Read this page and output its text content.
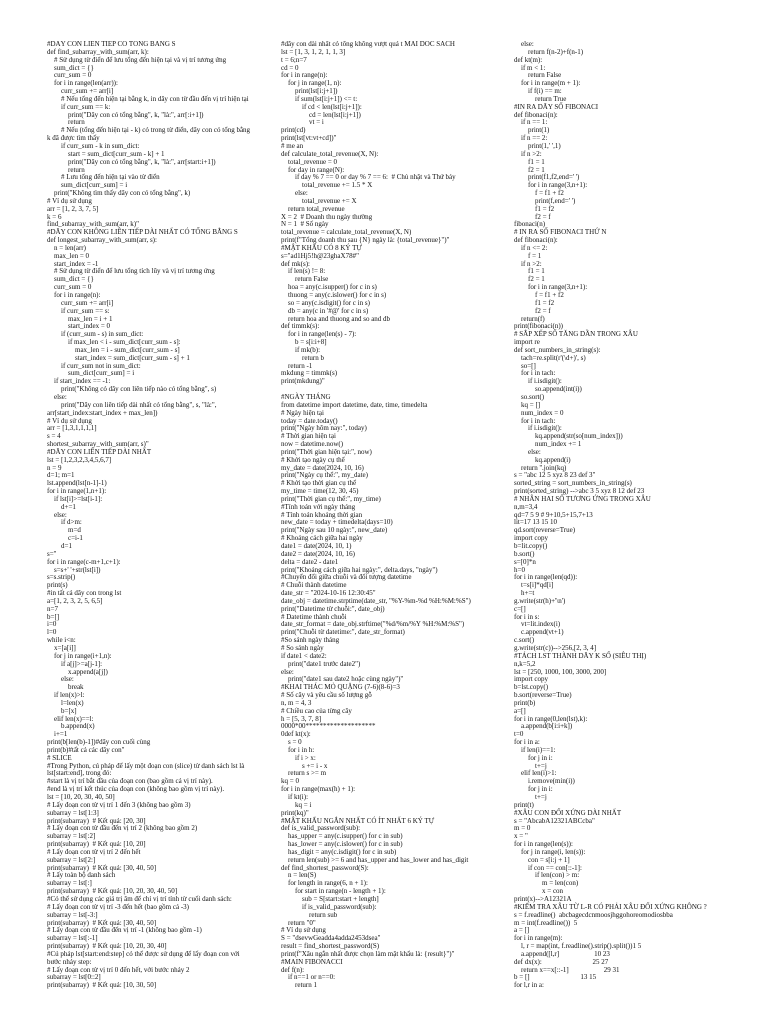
#DÃY CON LIÊN TIẾP CÓ TỔNG BẰNG S
def find_subarray_with_sum(arr, k):
# Sử dụng từ điển để lưu tổng đến hiện tại và vị trí tương ứng
sum_dict = {}
curr_sum = 0
for i in range(len(arr)):
curr_sum += arr[i]
# Nếu tổng đến hiện tại bằng k, in dãy con từ đầu đến vị trí hiện tại
if curr_sum == k:
print("Dãy con có tổng bằng", k, "là:", arr[:i+1])
return
# Nếu (tổng đến hiện tại - k) có trong từ điển, dãy con có tổng bằng
k đã được tìm thấy
if curr_sum - k in sum_dict:
start = sum_dict[curr_sum - k] + 1
print("Dãy con có tổng bằng", k, "là:", arr[start:i+1])
return
# Lưu tổng đến hiện tại vào từ điển
sum_dict[curr_sum] = i
print("Không tìm thấy dãy con có tổng bằng", k)
# Ví dụ sử dụng
arr = [1, 2, 3, 7, 5]
k = 6
find_subarray_with_sum(arr, k)"
#DÃY CON KHÔNG LIÊN TIẾP DÀI NHẤT CÓ TỔNG BẰNG S
def longest_subarray_with_sum(arr, s):
n = len(arr)
max_len = 0
start_index = -1
# Sử dụng từ điển để lưu tổng tích lũy và vị trí tương ứng
sum_dict = {}
curr_sum = 0
for i in range(n):
curr_sum += arr[i]
if curr_sum == s:
max_len = i + 1
start_index = 0
if (curr_sum - s) in sum_dict:
if max_len < i - sum_dict[curr_sum - s]:
max_len = i - sum_dict[curr_sum - s]
start_index = sum_dict[curr_sum - s] + 1
if curr_sum not in sum_dict:
sum_dict[curr_sum] = i
if start_index == -1:
print("Không có dãy con liên tiếp nào có tổng bằng", s)
else:
print("Dãy con liên tiếp dài nhất có tổng bằng", s, "là:",
arr[start_index:start_index + max_len])
# Ví dụ sử dụng
arr = [1,3,1,1,1,1]
s = 4
shortest_subarray_with_sum(arr, s)"
#DÃY CON LIÊN TIẾP DÀI NHẤT
lst = [1,2,3,2,3,4,5,6,7]
n = 9
d=1; m=1
lst.append(lst[n-1]-1)
for i in range(1,n+1):
if lst[i]>=lst[i-1]:
d+=1
else:
if d>m:
m=d
c=i-1
d=1
s=''
for i in range(c-m+1,c+1):
s=s+' '+str(lst[i])
s=s.strip()
print(s)
#in tất cả dãy con trong lst
a=[1, 2, 3, 2, 5, 6,5]
n=7
b=[]
i=0
l=0
while i<n:
x=[a[i]]
for j in range(i+1,n):
if a[j]>=a[j-1]:
x.append(a[j])
else:
break
if len(x)>l:
l=len(x)
b=[x]
elif len(x)==l:
b.append(x)
i+=1
print(b[len(b)-1])#dãy con cuối cùng
print(b)#tất cả các dãy con"
# SLICE
#Trong Python, cú pháp để lấy một đoạn con (slice) từ danh sách lst là
lst[start:end], trong đó:
#start là vị trí bắt đầu của đoạn con (bao gồm cả vị trí này).
#end là vị trí kết thúc của đoạn con (không bao gồm vị trí này).
lst = [10, 20, 30, 40, 50]
# Lấy đoạn con từ vị trí 1 đến 3 (không bao gồm 3)
subarray = lst[1:3]
print(subarray)  # Kết quả: [20, 30]
# Lấy đoạn con từ đầu đến vị trí 2 (không bao gồm 2)
subarray = lst[:2]
print(subarray)  # Kết quả: [10, 20]
# Lấy đoạn con từ vị trí 2 đến hết
subarray = lst[2:]
print(subarray)  # Kết quả: [30, 40, 50]
# Lấy toàn bộ danh sách
subarray = lst[:]
print(subarray)  # Kết quả: [10, 20, 30, 40, 50]
#Có thể sử dụng các giá trị âm để chỉ vị trí tính từ cuối danh sách:
# Lấy đoạn con từ vị trí -3 đến hết (bao gồm cả -3)
subarray = lst[-3:]
print(subarray)  # Kết quả: [30, 40, 50]
# Lấy đoạn con từ đầu đến vị trí -1 (không bao gồm -1)
subarray = lst[:-1]
print(subarray)  # Kết quả: [10, 20, 30, 40]
#Cú pháp lst[start:end:step] có thể được sử dụng để lấy đoạn con với
bước nhảy step:
# Lấy đoạn con từ vị trí 0 đến hết, với bước nhảy 2
subarray = lst[0::2]
print(subarray)  # Kết quả: [10, 30, 50]
#dãy con dài nhất có tổng không vượt quá t MAI DOC SÁCH
lst = [1, 3, 1, 2, 1, 1, 3]
t = 6;n=7
cd = 0
for i in range(n):
for j in range(1, n):
print(lst[i:j+1])
if sum(lst[i:j+1]) <= t:
if cd < len(lst[i:j+1]):
cd = len(lst[i:j+1])
vt = i
print(cd)
print(lst[vt:vt+cd])"
# me an
def calculate_total_revenue(X, N):
total_revenue = 0
for day in range(N):
if day % 7 == 0 or day % 7 == 6:  # Chủ nhật và Thứ bảy
total_revenue += 1.5 * X
else:
total_revenue += X
return total_revenue
X = 2  # Doanh thu ngày thường
N = 1  # Số ngày
total_revenue = calculate_total_revenue(X, N)
print(f"Tổng doanh thu sau {N} ngày là: {total_revenue}")"
#MẬT KHẨU CÓ 8 KÝ TỰ
s="ad1Hj5!h@23ghaX78#"
def mk(s):
if len(s) != 8:
return False
hoa = any(c.isupper() for c in s)
thuong = any(c.islower() for c in s)
so = any(c.isdigit() for c in s)
db = any(c in '#@' for c in s)
return hoa and thuong and so and db
def timmk(s):
for i in range(len(s) - 7):
b = s[i:i+8]
if mk(b):
return b
return -1
mkdung = timmk(s)
print(mkdung)"
#NGÀY THÁNG
from datetime import datetime, date, time, timedelta
# Ngày hiện tại
today = date.today()
print("Ngày hôm nay:", today)
# Thời gian hiện tại
now = datetime.now()
print("Thời gian hiện tại:", now)
# Khởi tạo ngày cụ thể
my_date = date(2024, 10, 16)
print("Ngày cụ thể:", my_date)
# Khởi tạo thời gian cụ thể
my_time = time(12, 30, 45)
print("Thời gian cụ thể:", my_time)
#Tính toán với ngày tháng
# Tính toán khoảng thời gian
new_date = today + timedelta(days=10)
print("Ngày sau 10 ngày:", new_date)
# Khoảng cách giữa hai ngày
date1 = date(2024, 10, 1)
date2 = date(2024, 10, 16)
delta = date2 - date1
print("Khoảng cách giữa hai ngày:", delta.days, "ngày")
#Chuyển đổi giữa chuỗi và đối tượng datetime
# Chuỗi thành datetime
date_str = "2024-10-16 12:30:45"
date_obj = datetime.strptime(date_str, "%Y-%m-%d %H:%M:%S")
print("Datetime từ chuỗi:", date_obj)
# Datetime thành chuỗi
date_str_format = date_obj.strftime("%d/%m/%Y %H:%M:%S")
print("Chuỗi từ datetime:", date_str_format)
#So sánh ngày tháng
# So sánh ngày
if date1 < date2:
print("date1 trước date2")
else:
print("date1 sau date2 hoặc cùng ngày")"
#KHAI THÁC MỎ QUẶNG (7-6)(8-6)=3
# Số cây và yêu cầu số lượng gỗ
n, m = 4, 3
# Chiều cao của từng cây
h = [5, 3, 7, 8]
0000*00********************
0def kt(x):
s = 0
for i in h:
if i > x:
s += i - x
return s >= m
kq = 0
for i in range(max(h) + 1):
if kt(i):
kq = i
print(kq)"
#MẬT KHẨU NGẮN NHẤT CÓ ÍT NHẤT 6 KÝ TỰ
def is_valid_password(sub):
has_upper = any(c.isupper() for c in sub)
has_lower = any(c.islower() for c in sub)
has_digit = any(c.isdigit() for c in sub)
return len(sub) >= 6 and has_upper and has_lower and has_digit
def find_shortest_password(S):
n = len(S)
for length in range(6, n + 1):
for start in range(n - length + 1):
sub = S[start:start + length]
if is_valid_password(sub):
return sub
return "0"
# Ví dụ sử dụng
S = "dsevwGeadda4adda2453dsea"
result = find_shortest_password(S)
print(f"Xâu ngắn nhất được chọn làm mật khẩu là: {result}")"
#MAIN FIBONACCI
def f(n):
if n==1 or n==0:
return 1
else:
return f(n-2)+f(n-1)
def kt(m):
if m < 1:
return False
for i in range(m + 1):
if f(i) == m:
return True
#IN RA DÃY SỐ FIBONACI
def fibonaci(n):
if n == 1:
print(1)
if n == 2:
print(1,' ',1)
if n >2:
f1 = 1
f2 = 1
print(f1,f2,end=' ')
for i in range(3,n+1):
f = f1 + f2
print(f,end=' ')
f1 = f2
f2 = f
fibonaci(n)
# IN RA SỐ FIBONACI THỨ N
def fibonaci(n):
if n <= 2:
f = 1
if n >2:
f1 = 1
f2 = 1
for i in range(3,n+1):
f = f1 + f2
f1 = f2
f2 = f
return(f)
print(fibonaci(n))
# SẮP XẾP SỐ TĂNG DẦN TRONG XÂU
import re
def sort_numbers_in_string(s):
tach=re.split(r'(\d+)', s)
so=[]
for i in tach:
if i.isdigit():
so.append(int(i))
so.sort()
kq = []
num_index = 0
for i in tach:
if i.isdigit():
kq.append(str(so[num_index]))
num_index += 1
else:
kq.append(i)
return ''.join(kq)
s = "abc 12 5 xyz 8 23 def 3"
sorted_string = sort_numbers_in_string(s)
print(sorted_string) -->abc 3 5 xyz 8 12 def 23
# NHÂN HAI SỐ TƯƠNG ỨNG TRONG XÂU
n,m=3,4
qd=7 5 9 # 9+10,5+15,7+13
lit=17 13 15 10
qd.sort(reverse=True)
import copy
b=lit.copy()
b.sort()
s=[0]*n
h=0
for i in range(len(qd)):
t=s[i]*qd[i]
h+=t
g.write(str(h)+'\n')
c=[]
for i in s:
vt=lit.index(i)
c.append(vt+1)
c.sort()
g.write(str(c))-->256,[2, 3, 4]
#TÁCH LST THÀNH DÃY K SỐ (SIÊU THỊ)
n,k=5,2
lst = [250, 1000, 100, 3000, 200]
import copy
b=lst.copy()
b.sort(reverse=True)
print(b)
a=[]
for i in range(0,len(lst),k):
a.append(b[i:i+k])
t=0
for i in a:
if len(i)==1:
for j in i:
t+=j
elif len(i)>1:
i.remove(min(i))
for j in i:
t+=j
print(t)
#XÂU CON ĐỐI XỨNG DÀI NHẤT
s = "AbcabA12321ABCcba"
m = 0
x = "
for i in range(len(s)):
for j in range(i, len(s)):
con = s[i:j + 1]
if con == con[::-1]:
if len(con) > m:
m = len(con)
x = con
print(x)-->A12321A
#KIỂM TRA XÂU TỪ L-R CÓ PHẢI XÂU ĐỐI XỨNG KHÔNG ?
s = f.readline()  abcbagecdcnmoosjhggohoreomodiosbba
m = int(f.readline())  5
a = []
for i in range(m):
l, r = map(int, f.readline().strip().split())1 5
a.append([l,r]                    10 23
def dx(x):                             25 27
return x==x[::-1]                    29 31
b = []                             13 15
for l,r in a:
